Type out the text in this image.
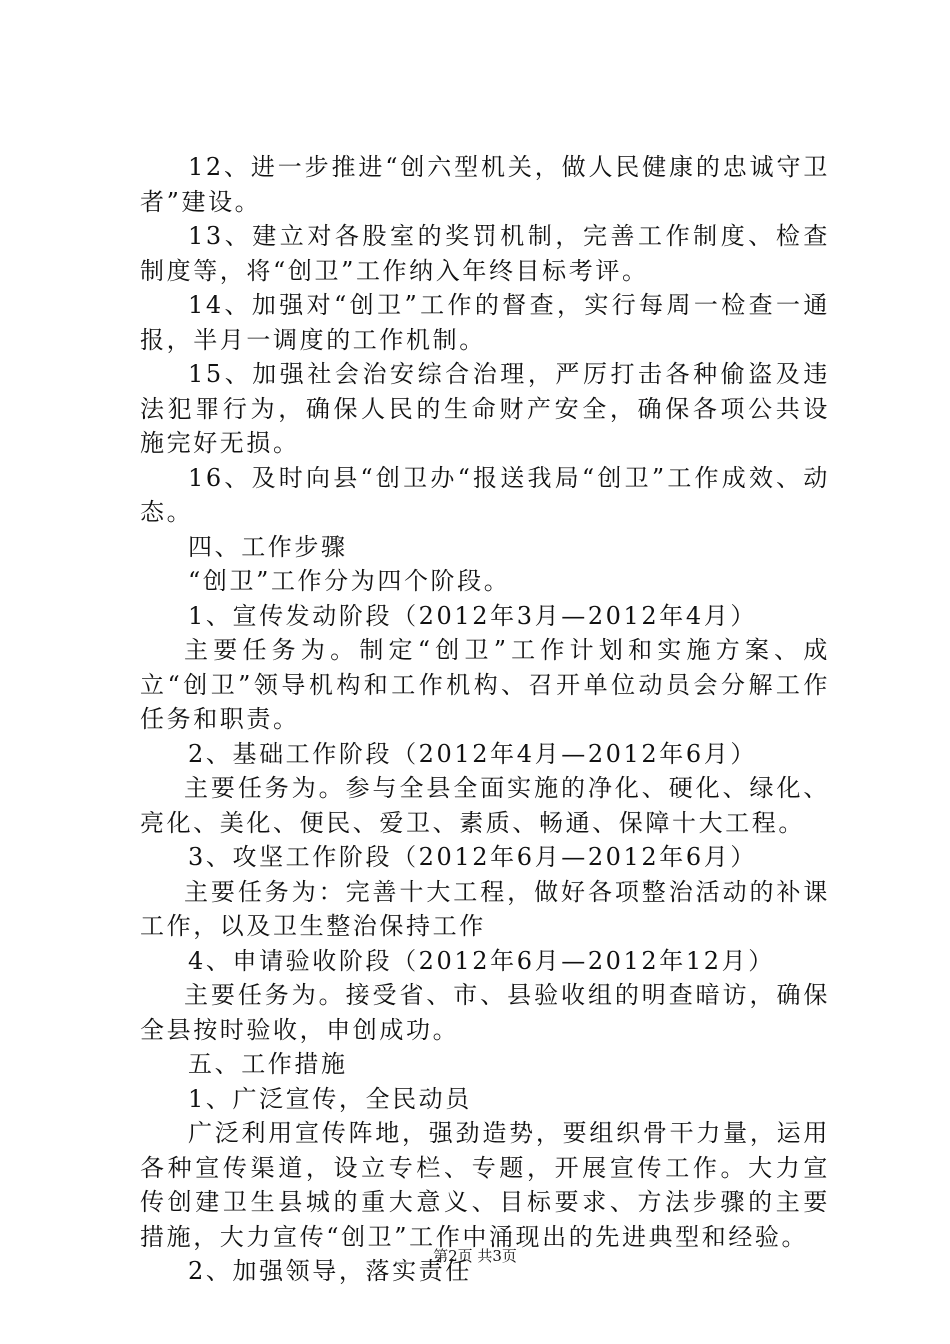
12、进一步推进“创六型机关，做人民健康的忠诚守卫者”建设。

13、建立对各股室的奖罚机制，完善工作制度、检查制度等，将“创卫”工作纳入年终目标考评。

14、加强对“创卫”工作的督查，实行每周一检查一通报，半月一调度的工作机制。

15、加强社会治安综合治理，严厉打击各种偷盗及违法犯罪行为，确保人民的生命财产安全，确保各项公共设施完好无损。

16、及时向县“创卫办“报送我局“创卫”工作成效、动态。

四、工作步骤

“创卫”工作分为四个阶段。

1、宣传发动阶段（2012年3月—2012年4月）

主要任务为。制定“创卫”工作计划和实施方案、成立“创卫”领导机构和工作机构、召开单位动员会分解工作任务和职责。

2、基础工作阶段（2012年4月—2012年6月）

主要任务为。参与全县全面实施的净化、硬化、绿化、亮化、美化、便民、爱卫、素质、畅通、保障十大工程。

3、攻坚工作阶段（2012年6月—2012年6月）

主要任务为：完善十大工程，做好各项整治活动的补课工作，以及卫生整治保持工作

4、申请验收阶段（2012年6月—2012年12月）

主要任务为。接受省、市、县验收组的明查暗访，确保全县按时验收，申创成功。

五、工作措施

1、广泛宣传，全民动员

广泛利用宣传阵地，强劲造势，要组织骨干力量，运用各种宣传渠道，设立专栏、专题，开展宣传工作。大力宣传创建卫生县城的重大意义、目标要求、方法步骤的主要措施，大力宣传“创卫”工作中涌现出的先进典型和经验。

2、加强领导，落实责任

第2页 共3页
